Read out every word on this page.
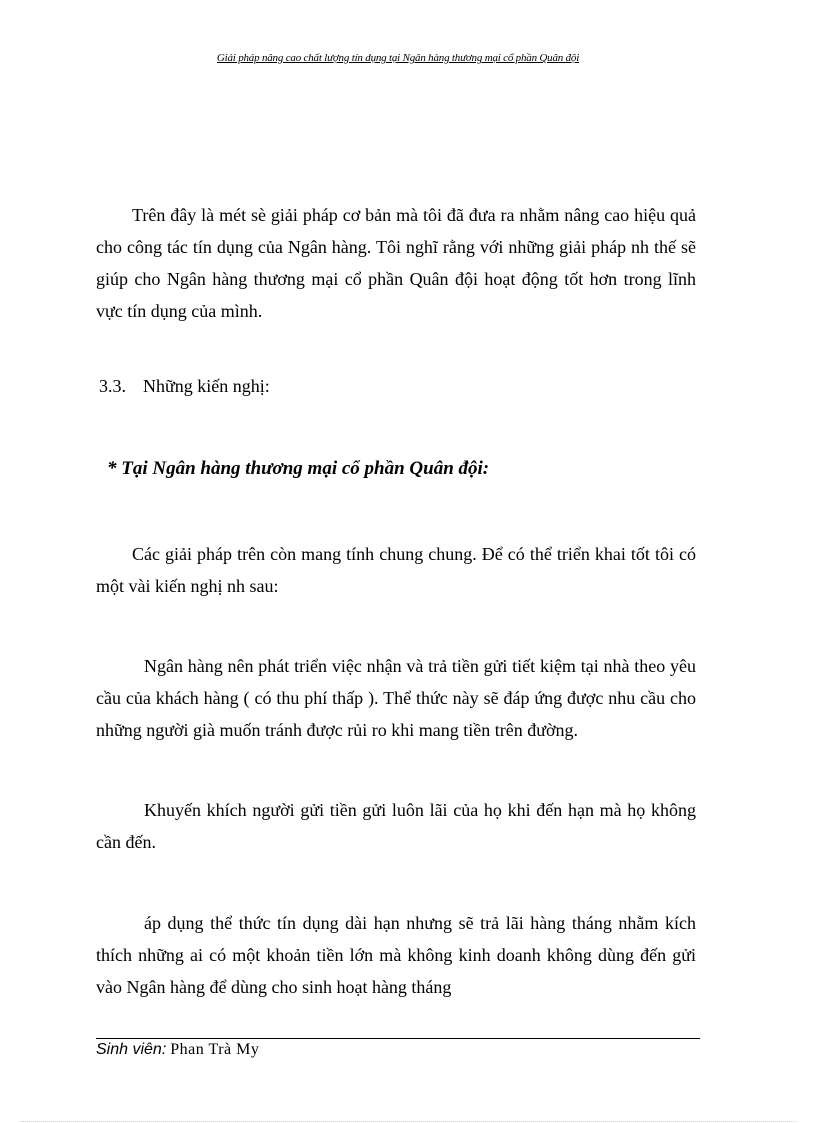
Giải pháp nâng cao chất lượng tín dụng tại Ngân hàng thương mại cổ phần Quân đội

Trên đây là mét sè giải pháp cơ bản mà tôi đã đưa ra nhằm nâng cao hiệu quả cho công tác tín dụng của Ngân hàng. Tôi nghĩ rằng với những giải pháp nh thế sẽ giúp cho Ngân hàng thương mại cổ phần Quân đội hoạt động tốt hơn trong lĩnh vực tín dụng của mình.

3.3. Những kiến nghị:

* Tại Ngân hàng thương mại cổ phần Quân đội:

Các giải pháp trên còn mang tính chung chung. Để có thể triển khai tốt tôi có một vài kiến nghị nh sau:

Ngân hàng nên phát triển việc nhận và trả tiền gửi tiết kiệm tại nhà theo yêu cầu của khách hàng ( có thu phí thấp ). Thể thức này sẽ đáp ứng được nhu cầu cho những người già muốn tránh được rủi ro khi mang tiền trên đường.

Khuyến khích người gửi tiền gửi luôn lãi của họ khi đến hạn mà họ không cần đến.

áp dụng thể thức tín dụng dài hạn nhưng sẽ trả lãi hàng tháng nhằm kích thích những ai có một khoản tiền lớn mà không kinh doanh không dùng đến gửi vào Ngân hàng để dùng cho sinh hoạt hàng tháng

Sinh viên: Phan Trà My
